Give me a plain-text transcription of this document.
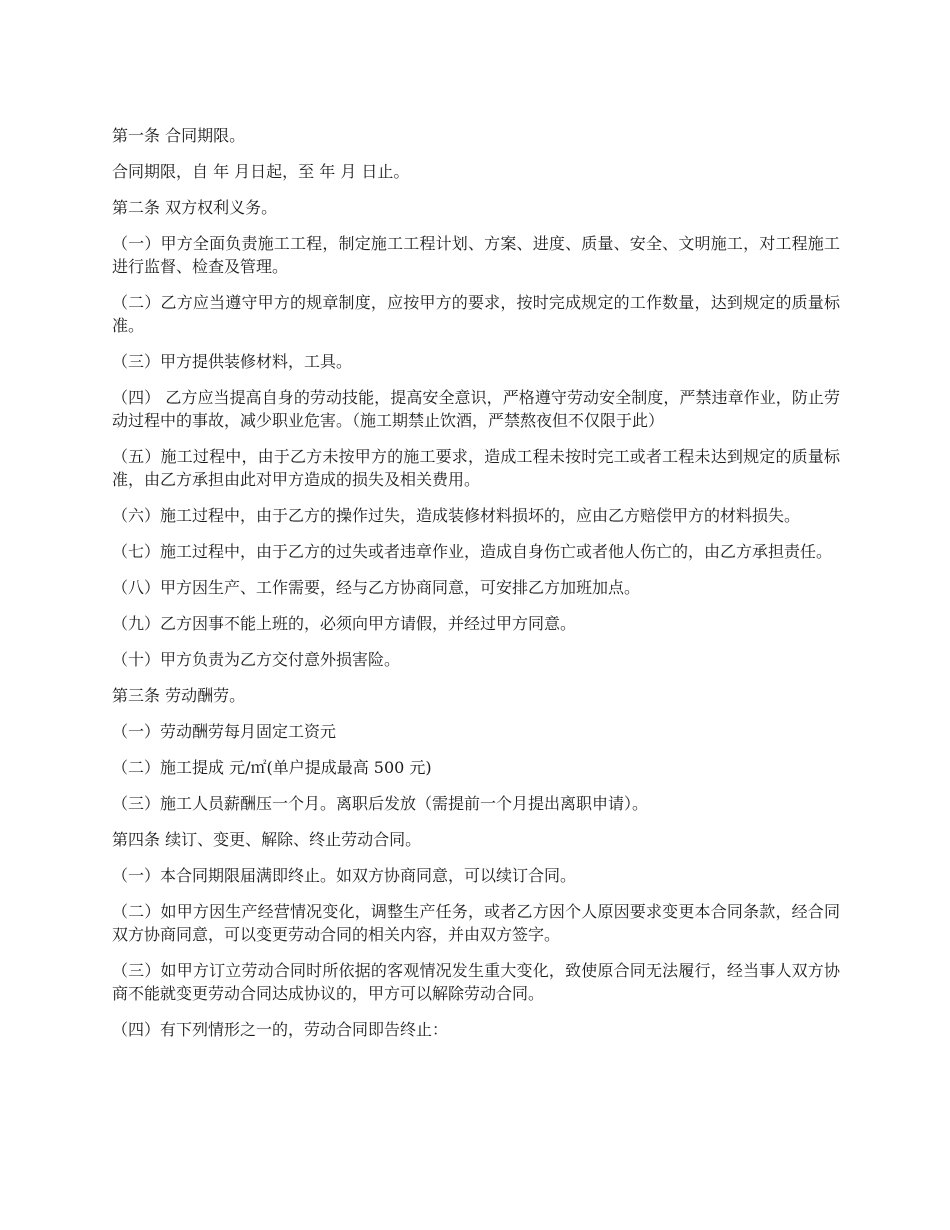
第一条 合同期限。

合同期限，自 年 月日起，至 年 月 日止。

第二条 双方权利义务。

（一）甲方全面负责施工工程，制定施工工程计划、方案、进度、质量、安全、文明施工，对工程施工进行监督、检查及管理。

（二）乙方应当遵守甲方的规章制度，应按甲方的要求，按时完成规定的工作数量，达到规定的质量标准。

（三）甲方提供装修材料，工具。

（四） 乙方应当提高自身的劳动技能，提高安全意识，严格遵守劳动安全制度，严禁违章作业，防止劳动过程中的事故，减少职业危害。（施工期禁止饮酒，严禁熬夜但不仅限于此）

（五）施工过程中，由于乙方未按甲方的施工要求，造成工程未按时完工或者工程未达到规定的质量标准，由乙方承担由此对甲方造成的损失及相关费用。

（六）施工过程中，由于乙方的操作过失，造成装修材料损坏的，应由乙方赔偿甲方的材料损失。

（七）施工过程中，由于乙方的过失或者违章作业，造成自身伤亡或者他人伤亡的，由乙方承担责任。

（八）甲方因生产、工作需要，经与乙方协商同意，可安排乙方加班加点。

（九）乙方因事不能上班的，必须向甲方请假，并经过甲方同意。

（十）甲方负责为乙方交付意外损害险。

第三条 劳动酬劳。

（一）劳动酬劳每月固定工资元

（二）施工提成 元/㎡(单户提成最高 500 元)

（三）施工人员薪酬压一个月。离职后发放（需提前一个月提出离职申请）。

第四条 续订、变更、解除、终止劳动合同。

（一）本合同期限届满即终止。如双方协商同意，可以续订合同。

（二）如甲方因生产经营情况变化，调整生产任务，或者乙方因个人原因要求变更本合同条款，经合同双方协商同意，可以变更劳动合同的相关内容，并由双方签字。

（三）如甲方订立劳动合同时所依据的客观情况发生重大变化，致使原合同无法履行，经当事人双方协商不能就变更劳动合同达成协议的，甲方可以解除劳动合同。

（四）有下列情形之一的，劳动合同即告终止：
